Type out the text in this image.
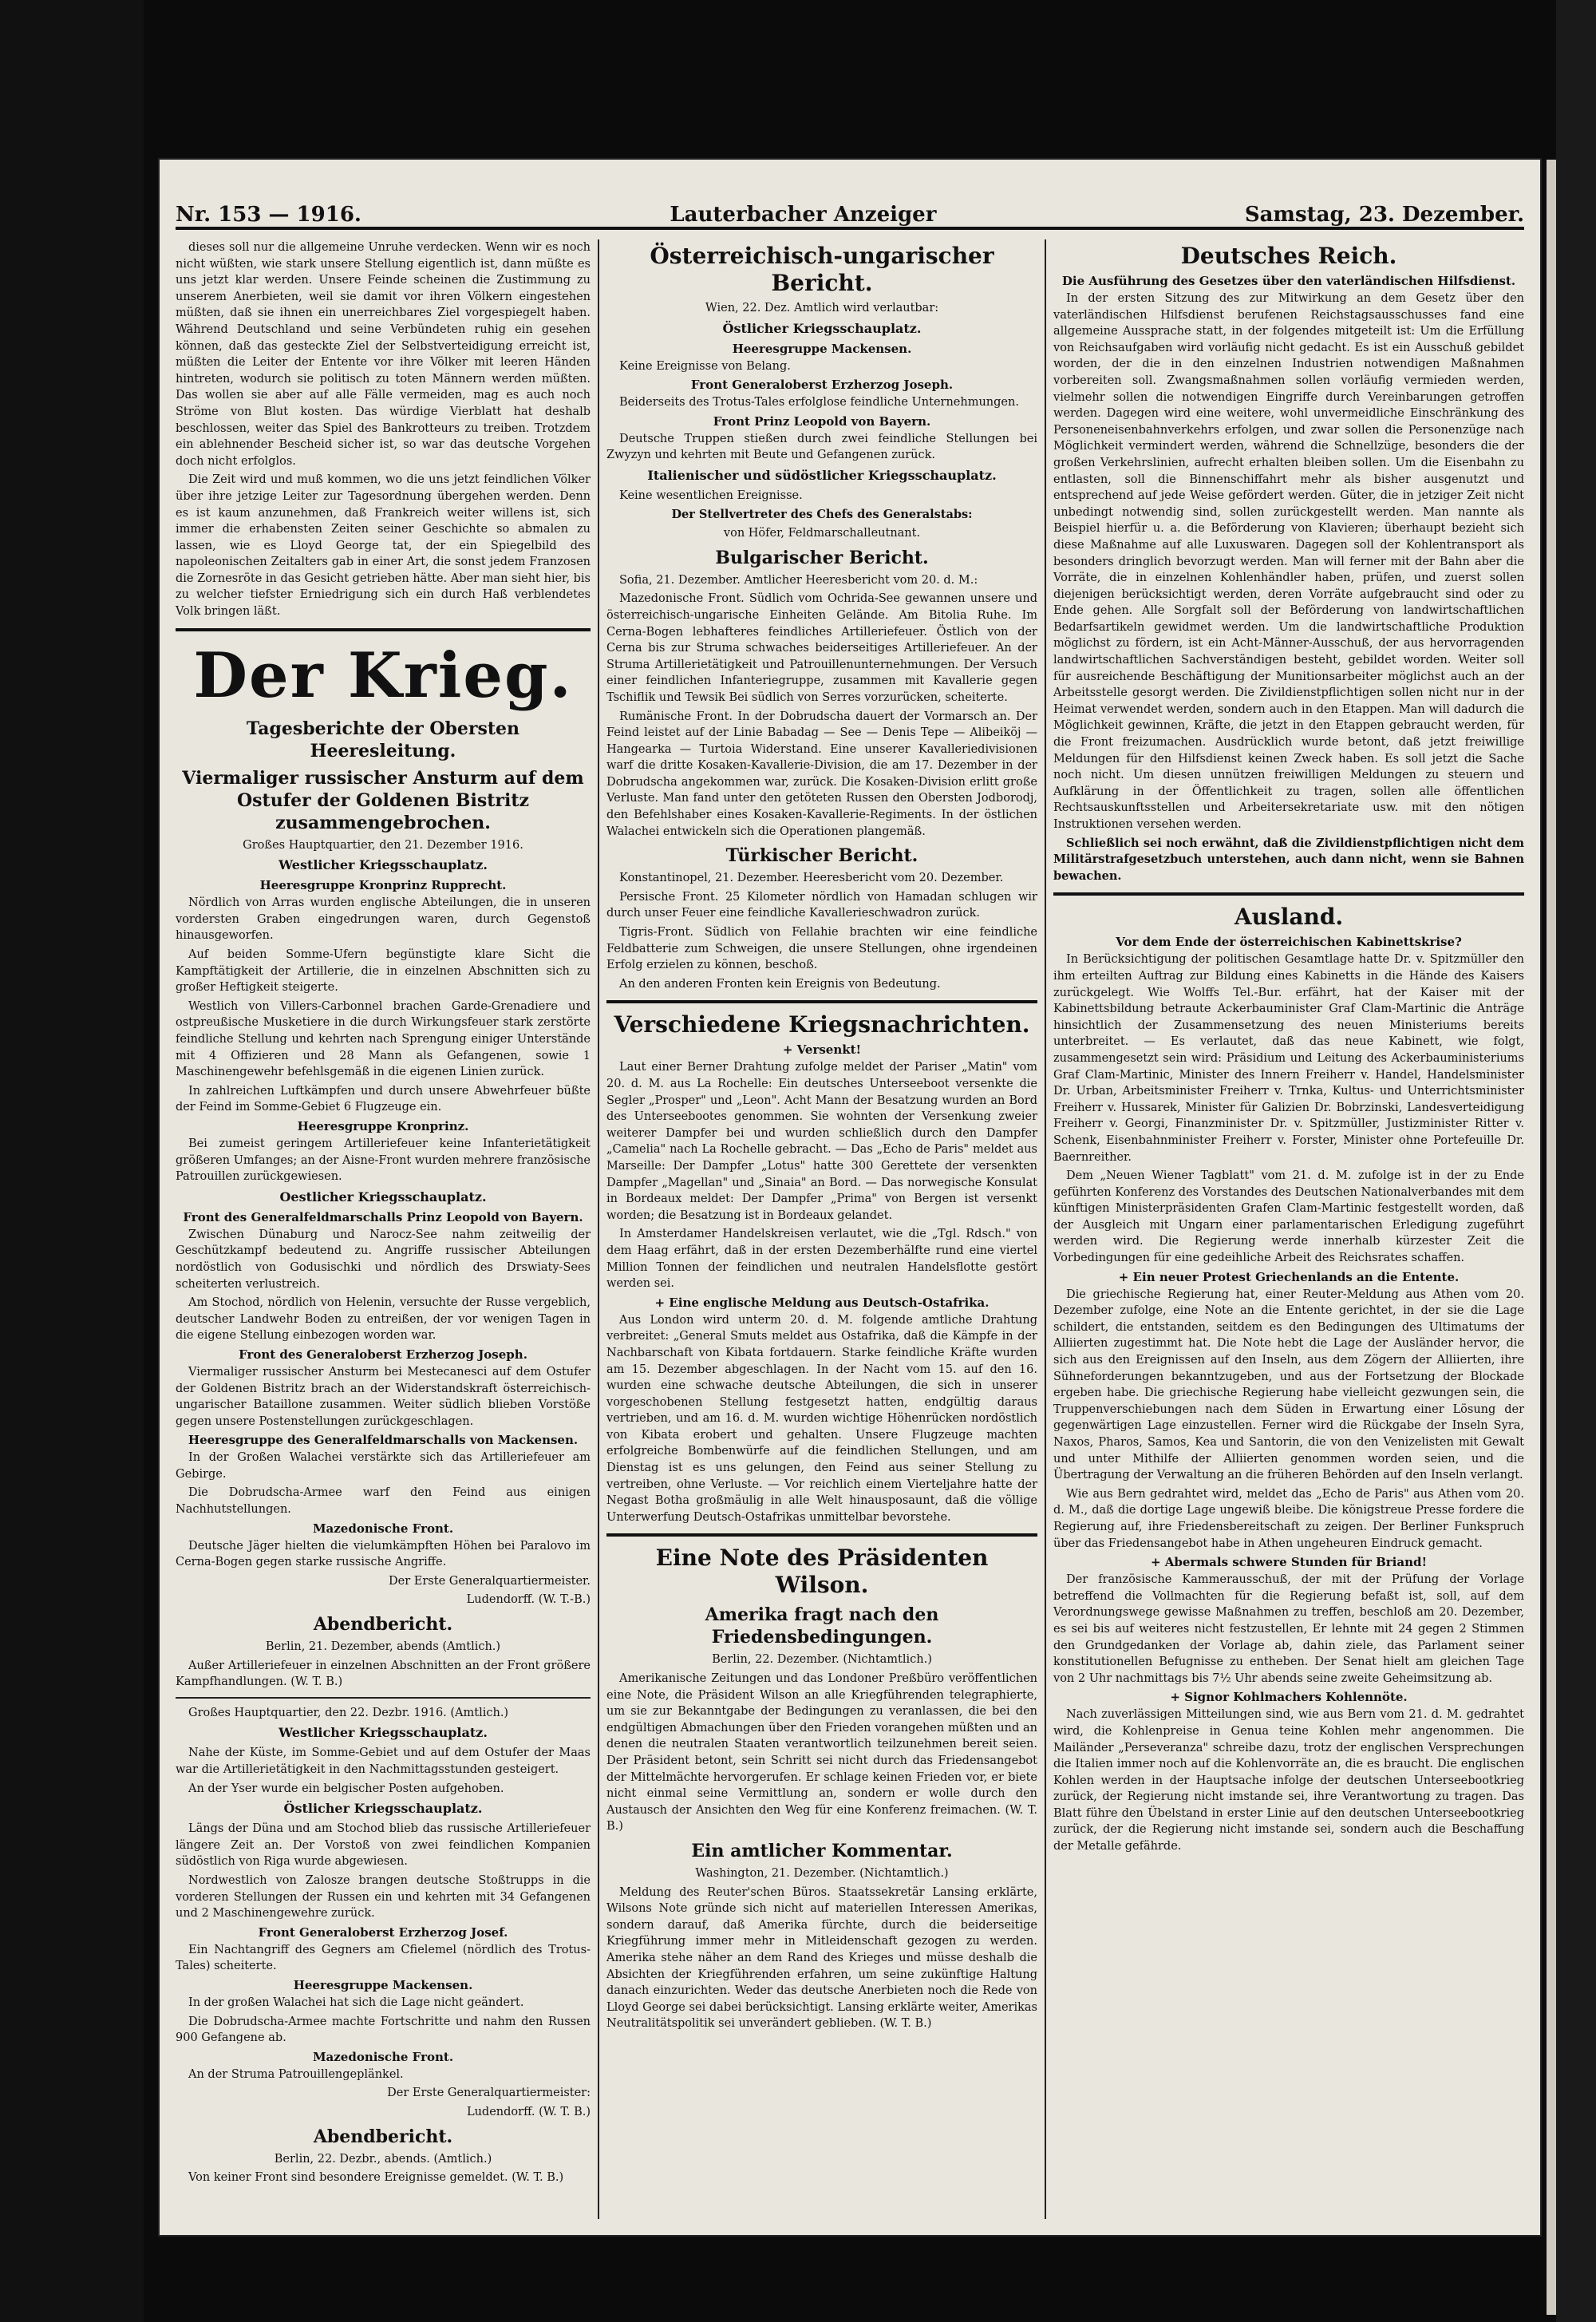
Nr. 153 — 1916.	Lauterbacher Anzeiger	Samstag, 23. Dezember.

dieses soll nur die allgemeine Unruhe verdecken. Wenn wir es noch nicht wüßten, wie stark unsere Stellung eigentlich ist, dann müßte es uns jetzt klar werden. Unsere Feinde scheinen die Zustimmung zu unserem Anerbieten, weil sie damit vor ihren Völkern eingestehen müßten, daß sie ihnen ein unerreichbares Ziel vorgespiegelt haben. Während Deutschland und seine Verbündeten ruhig ein gesehen können, daß das gesteckte Ziel der Selbstverteidigung erreicht ist, müßten die Leiter der Entente vor ihre Völker mit leeren Händen hintreten, wodurch sie politisch zu toten Männern werden müßten. Das wollen sie aber auf alle Fälle vermeiden, mag es auch noch Ströme von Blut kosten. Das würdige Vierblatt hat deshalb beschlossen, weiter das Spiel des Bankrotteurs zu treiben. Trotzdem ein ablehnender Bescheid sicher ist, so war das deutsche Vorgehen doch nicht erfolglos.

Die Zeit wird und muß kommen, wo die uns jetzt feindlichen Völker über ihre jetzige Leiter zur Tagesordnung übergehen werden. Denn es ist kaum anzunehmen, daß Frankreich weiter willens ist, sich immer die erhabensten Zeiten seiner Geschichte so abmalen zu lassen, wie es Lloyd George tat, der ein Spiegelbild des napoleonischen Zeitalters gab in einer Art, die sonst jedem Franzosen die Zornesröte in das Gesicht getrieben hätte. Aber man sieht hier, bis zu welcher tiefster Erniedrigung sich ein durch Haß verblendetes Volk bringen läßt.

Der Krieg.
Tagesberichte der Obersten Heeresleitung.
Viermaliger russischer Ansturm auf dem Ostufer der Goldenen Bistritz zusammengebrochen.

Großes Hauptquartier, den 21. Dezember 1916.

Westlicher Kriegsschauplatz.
Heeresgruppe Kronprinz Rupprecht.

Nördlich von Arras wurden englische Abteilungen, die in unseren vordersten Graben eingedrungen waren, durch Gegenstoß hinausgeworfen.

Auf beiden Somme-Ufern begünstigte klare Sicht die Kampftätigkeit der Artillerie, die in einzelnen Abschnitten sich zu großer Heftigkeit steigerte.

Westlich von Villers-Carbonnel brachen Garde-Grenadiere und ostpreußische Musketiere in die durch Wirkungsfeuer stark zerstörte feindliche Stellung und kehrten nach Sprengung einiger Unterstände mit 4 Offizieren und 28 Mann als Gefangenen, sowie 1 Maschinengewehr befehlsgemäß in die eigenen Linien zurück.

In zahlreichen Luftkämpfen und durch unsere Abwehrfeuer büßte der Feind im Somme-Gebiet 6 Flugzeuge ein.

Heeresgruppe Kronprinz.

Bei zumeist geringem Artilleriefeuer keine Infanterietätigkeit größeren Umfanges; an der Aisne-Front wurden mehrere französische Patrouillen zurückgewiesen.

Oestlicher Kriegsschauplatz.
Front des Generalfeldmarschalls Prinz Leopold von Bayern.

Zwischen Dünaburg und Narocz-See nahm zeitweilig der Geschützkampf bedeutend zu. Angriffe russischer Abteilungen nordöstlich von Godusischki und nördlich des Drswiaty-Sees scheiterten verlustreich.

Am Stochod, nördlich von Helenin, versuchte der Russe vergeblich, deutscher Landwehr Boden zu entreißen, der vor wenigen Tagen in die eigene Stellung einbezogen worden war.

Front des Generaloberst Erzherzog Joseph.

Viermaliger russischer Ansturm bei Mestecanesci auf dem Ostufer der Goldenen Bistritz brach an der Widerstandskraft österreichisch-ungarischer Bataillone zusammen. Weiter südlich blieben Vorstöße gegen unsere Postenstellungen zurückgeschlagen.

Heeresgruppe des Generalfeldmarschalls von Mackensen.

In der Großen Walachei verstärkte sich das Artilleriefeuer am Gebirge.

Die Dobrudscha-Armee warf den Feind aus einigen Nachhutstellungen.

Mazedonische Front.

Deutsche Jäger hielten die vielumkämpften Höhen bei Paralovo im Cerna-Bogen gegen starke russische Angriffe.

Der Erste Generalquartiermeister.

Ludendorff. (W. T.-B.)

Abendbericht.

Berlin, 21. Dezember, abends (Amtlich.)

Außer Artilleriefeuer in einzelnen Abschnitten an der Front größere Kampfhandlungen. (W. T. B.)

Großes Hauptquartier, den 22. Dezbr. 1916. (Amtlich.)

Westlicher Kriegsschauplatz.

Nahe der Küste, im Somme-Gebiet und auf dem Ostufer der Maas war die Artillerietätigkeit in den Nachmittagsstunden gesteigert.

An der Yser wurde ein belgischer Posten aufgehoben.

Östlicher Kriegsschauplatz.

Längs der Düna und am Stochod blieb das russische Artilleriefeuer längere Zeit an. Der Vorstoß von zwei feindlichen Kompanien südöstlich von Riga wurde abgewiesen.

Nordwestlich von Zalosze brangen deutsche Stoßtrupps in die vorderen Stellungen der Russen ein und kehrten mit 34 Gefangenen und 2 Maschinengewehre zurück.

Front Generaloberst Erzherzog Josef.

Ein Nachtangriff des Gegners am Cfielemel (nördlich des Trotus-Tales) scheiterte.

Heeresgruppe Mackensen.

In der großen Walachei hat sich die Lage nicht geändert.

Die Dobrudscha-Armee machte Fortschritte und nahm den Russen 900 Gefangene ab.

Mazedonische Front.

An der Struma Patrouillengeplänkel.

Der Erste Generalquartiermeister:

Ludendorff. (W. T. B.)

Abendbericht.

Berlin, 22. Dezbr., abends. (Amtlich.)

Von keiner Front sind besondere Ereignisse gemeldet. (W. T. B.)

Österreichisch-ungarischer Bericht.

Wien, 22. Dez. Amtlich wird verlautbar:

Östlicher Kriegsschauplatz.
Heeresgruppe Mackensen.

Keine Ereignisse von Belang.

Front Generaloberst Erzherzog Joseph.

Beiderseits des Trotus-Tales erfolglose feindliche Unternehmungen.

Front Prinz Leopold von Bayern.

Deutsche Truppen stießen durch zwei feindliche Stellungen bei Zwyzyn und kehrten mit Beute und Gefangenen zurück.

Italienischer und südöstlicher Kriegsschauplatz.

Keine wesentlichen Ereignisse.

Der Stellvertreter des Chefs des Generalstabs:

von Höfer, Feldmarschalleutnant.

Bulgarischer Bericht.

Sofia, 21. Dezember. Amtlicher Heeresbericht vom 20. d. M.:

Mazedonische Front. Südlich vom Ochrida-See gewannen unsere und österreichisch-ungarische Einheiten Gelände. Am Bitolia Ruhe. Im Cerna-Bogen lebhafteres feindliches Artilleriefeuer. Östlich von der Cerna bis zur Struma schwaches beiderseitiges Artilleriefeuer. An der Struma Artillerietätigkeit und Patrouillenunternehmungen. Der Versuch einer feindlichen Infanteriegruppe, zusammen mit Kavallerie gegen Tschiflik und Tewsik Bei südlich von Serres vorzurücken, scheiterte.

Rumänische Front. In der Dobrudscha dauert der Vormarsch an. Der Feind leistet auf der Linie Babadag — See — Denis Tepe — Alibeiköj — Hangearka — Turtoia Widerstand. Eine unserer Kavalleriedivisionen warf die dritte Kosaken-Kavallerie-Division, die am 17. Dezember in der Dobrudscha angekommen war, zurück. Die Kosaken-Division erlitt große Verluste. Man fand unter den getöteten Russen den Obersten Jodborodj, den Befehlshaber eines Kosaken-Kavallerie-Regiments. In der östlichen Walachei entwickeln sich die Operationen plangemäß.

Türkischer Bericht.

Konstantinopel, 21. Dezember. Heeresbericht vom 20. Dezember.

Persische Front. 25 Kilometer nördlich von Hamadan schlugen wir durch unser Feuer eine feindliche Kavallerieschwadron zurück.

Tigris-Front. Südlich von Fellahie brachten wir eine feindliche Feldbatterie zum Schweigen, die unsere Stellungen, ohne irgendeinen Erfolg erzielen zu können, beschoß.

An den anderen Fronten kein Ereignis von Bedeutung.

Verschiedene Kriegsnachrichten.
+ Versenkt!

Laut einer Berner Drahtung zufolge meldet der Pariser „Matin" vom 20. d. M. aus La Rochelle: Ein deutsches Unterseeboot versenkte die Segler „Prosper" und „Leon". Acht Mann der Besatzung wurden an Bord des Unterseebootes genommen. Sie wohnten der Versenkung zweier weiterer Dampfer bei und wurden schließlich durch den Dampfer „Camelia" nach La Rochelle gebracht. — Das „Echo de Paris" meldet aus Marseille: Der Dampfer „Lotus" hatte 300 Gerettete der versenkten Dampfer „Magellan" und „Sinaia" an Bord. — Das norwegische Konsulat in Bordeaux meldet: Der Dampfer „Prima" von Bergen ist versenkt worden; die Besatzung ist in Bordeaux gelandet.

In Amsterdamer Handelskreisen verlautet, wie die „Tgl. Rdsch." von dem Haag erfährt, daß in der ersten Dezemberhälfte rund eine viertel Million Tonnen der feindlichen und neutralen Handelsflotte gestört werden sei.

+ Eine englische Meldung aus Deutsch-Ostafrika.

Aus London wird unterm 20. d. M. folgende amtliche Drahtung verbreitet: „General Smuts meldet aus Ostafrika, daß die Kämpfe in der Nachbarschaft von Kibata fortdauern. Starke feindliche Kräfte wurden am 15. Dezember abgeschlagen. In der Nacht vom 15. auf den 16. wurden eine schwache deutsche Abteilungen, die sich in unserer vorgeschobenen Stellung festgesetzt hatten, endgültig daraus vertrieben, und am 16. d. M. wurden wichtige Höhenrücken nordöstlich von Kibata erobert und gehalten. Unsere Flugzeuge machten erfolgreiche Bombenwürfe auf die feindlichen Stellungen, und am Dienstag ist es uns gelungen, den Feind aus seiner Stellung zu vertreiben, ohne Verluste. — Vor reichlich einem Vierteljahre hatte der Negast Botha großmäulig in alle Welt hinausposaunt, daß die völlige Unterwerfung Deutsch-Ostafrikas unmittelbar bevorstehe.

Eine Note des Präsidenten Wilson.
Amerika fragt nach den Friedensbedingungen.

Berlin, 22. Dezember. (Nichtamtlich.)

Amerikanische Zeitungen und das Londoner Preßbüro veröffentlichen eine Note, die Präsident Wilson an alle Kriegführenden telegraphierte, um sie zur Bekanntgabe der Bedingungen zu veranlassen, die bei den endgültigen Abmachungen über den Frieden vorangehen müßten und an denen die neutralen Staaten verantwortlich teilzunehmen bereit seien. Der Präsident betont, sein Schritt sei nicht durch das Friedensangebot der Mittelmächte hervorgerufen. Er schlage keinen Frieden vor, er biete nicht einmal seine Vermittlung an, sondern er wolle durch den Austausch der Ansichten den Weg für eine Konferenz freimachen. (W. T. B.)

Ein amtlicher Kommentar.

Washington, 21. Dezember. (Nichtamtlich.)

Meldung des Reuter'schen Büros. Staatssekretär Lansing erklärte, Wilsons Note gründe sich nicht auf materiellen Interessen Amerikas, sondern darauf, daß Amerika fürchte, durch die beiderseitige Kriegführung immer mehr in Mitleidenschaft gezogen zu werden. Amerika stehe näher an dem Rand des Krieges und müsse deshalb die Absichten der Kriegführenden erfahren, um seine zukünftige Haltung danach einzurichten. Weder das deutsche Anerbieten noch die Rede von Lloyd George sei dabei berücksichtigt. Lansing erklärte weiter, Amerikas Neutralitätspolitik sei unverändert geblieben. (W. T. B.)

Deutsches Reich.
Die Ausführung des Gesetzes über den vaterländischen Hilfsdienst.

In der ersten Sitzung des zur Mitwirkung an dem Gesetz über den vaterländischen Hilfsdienst berufenen Reichstagsausschusses fand eine allgemeine Aussprache statt, in der folgendes mitgeteilt ist: Um die Erfüllung von Reichsaufgaben wird vorläufig nicht gedacht. Es ist ein Ausschuß gebildet worden, der die in den einzelnen Industrien notwendigen Maßnahmen vorbereiten soll. Zwangsmaßnahmen sollen vorläufig vermieden werden, vielmehr sollen die notwendigen Eingriffe durch Vereinbarungen getroffen werden. Dagegen wird eine weitere, wohl unvermeidliche Einschränkung des Personeneisenbahnverkehrs erfolgen, und zwar sollen die Personenzüge nach Möglichkeit vermindert werden, während die Schnellzüge, besonders die der großen Verkehrslinien, aufrecht erhalten bleiben sollen. Um die Eisenbahn zu entlasten, soll die Binnenschiffahrt mehr als bisher ausgenutzt und entsprechend auf jede Weise gefördert werden. Güter, die in jetziger Zeit nicht unbedingt notwendig sind, sollen zurückgestellt werden. Man nannte als Beispiel hierfür u. a. die Beförderung von Klavieren; überhaupt bezieht sich diese Maßnahme auf alle Luxuswaren. Dagegen soll der Kohlentransport als besonders dringlich bevorzugt werden. Man will ferner mit der Bahn aber die Vorräte, die in einzelnen Kohlenhändler haben, prüfen, und zuerst sollen diejenigen berücksichtigt werden, deren Vorräte aufgebraucht sind oder zu Ende gehen. Alle Sorgfalt soll der Beförderung von landwirtschaftlichen Bedarfsartikeln gewidmet werden. Um die landwirtschaftliche Produktion möglichst zu fördern, ist ein Acht-Männer-Ausschuß, der aus hervorragenden landwirtschaftlichen Sachverständigen besteht, gebildet worden. Weiter soll für ausreichende Beschäftigung der Munitionsarbeiter möglichst auch an der Arbeitsstelle gesorgt werden. Die Zivildienstpflichtigen sollen nicht nur in der Heimat verwendet werden, sondern auch in den Etappen. Man will dadurch die Möglichkeit gewinnen, Kräfte, die jetzt in den Etappen gebraucht werden, für die Front freizumachen. Ausdrücklich wurde betont, daß jetzt freiwillige Meldungen für den Hilfsdienst keinen Zweck haben. Es soll jetzt die Sache noch nicht. Um diesen unnützen freiwilligen Meldungen zu steuern und Aufklärung in der Öffentlichkeit zu tragen, sollen alle öffentlichen Rechtsauskunftsstellen und Arbeitersekretariate usw. mit den nötigen Instruktionen versehen werden.

Schließlich sei noch erwähnt, daß die Zivildienstpflichtigen nicht dem Militärstrafgesetzbuch unterstehen, auch dann nicht, wenn sie Bahnen bewachen.

Ausland.
Vor dem Ende der österreichischen Kabinettskrise?

In Berücksichtigung der politischen Gesamtlage hatte Dr. v. Spitzmüller den ihm erteilten Auftrag zur Bildung eines Kabinetts in die Hände des Kaisers zurückgelegt. Wie Wolffs Tel.-Bur. erfährt, hat der Kaiser mit der Kabinettsbildung betraute Ackerbauminister Graf Clam-Martinic die Anträge hinsichtlich der Zusammensetzung des neuen Ministeriums bereits unterbreitet. — Es verlautet, daß das neue Kabinett, wie folgt, zusammengesetzt sein wird: Präsidium und Leitung des Ackerbauministeriums Graf Clam-Martinic, Minister des Innern Freiherr v. Handel, Handelsminister Dr. Urban, Arbeitsminister Freiherr v. Trnka, Kultus- und Unterrichtsminister Freiherr v. Hussarek, Minister für Galizien Dr. Bobrzinski, Landesverteidigung Freiherr v. Georgi, Finanzminister Dr. v. Spitzmüller, Justizminister Ritter v. Schenk, Eisenbahnminister Freiherr v. Forster, Minister ohne Portefeuille Dr. Baernreither.

Dem „Neuen Wiener Tagblatt" vom 21. d. M. zufolge ist in der zu Ende geführten Konferenz des Vorstandes des Deutschen Nationalverbandes mit dem künftigen Ministerpräsidenten Grafen Clam-Martinic festgestellt worden, daß der Ausgleich mit Ungarn einer parlamentarischen Erledigung zugeführt werden wird. Die Regierung werde innerhalb kürzester Zeit die Vorbedingungen für eine gedeihliche Arbeit des Reichsrates schaffen.

+ Ein neuer Protest Griechenlands an die Entente.

Die griechische Regierung hat, einer Reuter-Meldung aus Athen vom 20. Dezember zufolge, eine Note an die Entente gerichtet, in der sie die Lage schildert, die entstanden, seitdem es den Bedingungen des Ultimatums der Alliierten zugestimmt hat. Die Note hebt die Lage der Ausländer hervor, die sich aus den Ereignissen auf den Inseln, aus dem Zögern der Alliierten, ihre Sühneforderungen bekanntzugeben, und aus der Fortsetzung der Blockade ergeben habe. Die griechische Regierung habe vielleicht gezwungen sein, die Truppenverschiebungen nach dem Süden in Erwartung einer Lösung der gegenwärtigen Lage einzustellen. Ferner wird die Rückgabe der Inseln Syra, Naxos, Pharos, Samos, Kea und Santorin, die von den Venizelisten mit Gewalt und unter Mithilfe der Alliierten genommen worden seien, und die Übertragung der Verwaltung an die früheren Behörden auf den Inseln verlangt.

Wie aus Bern gedrahtet wird, meldet das „Echo de Paris" aus Athen vom 20. d. M., daß die dortige Lage ungewiß bleibe. Die königstreue Presse fordere die Regierung auf, ihre Friedensbereitschaft zu zeigen. Der Berliner Funkspruch über das Friedensangebot habe in Athen ungeheuren Eindruck gemacht.

+ Abermals schwere Stunden für Briand!

Der französische Kammerausschuß, der mit der Prüfung der Vorlage betreffend die Vollmachten für die Regierung befaßt ist, soll, auf dem Verordnungswege gewisse Maßnahmen zu treffen, beschloß am 20. Dezember, es sei bis auf weiteres nicht festzustellen, Er lehnte mit 24 gegen 2 Stimmen den Grundgedanken der Vorlage ab, dahin ziele, das Parlament seiner konstitutionellen Befugnisse zu entheben. Der Senat hielt am gleichen Tage von 2 Uhr nachmittags bis 7½ Uhr abends seine zweite Geheimsitzung ab.

+ Signor Kohlmachers Kohlennöte.

Nach zuverlässigen Mitteilungen sind, wie aus Bern vom 21. d. M. gedrahtet wird, die Kohlenpreise in Genua teine Kohlen mehr angenommen. Die Mailänder „Perseveranza" schreibe dazu, trotz der englischen Versprechungen die Italien immer noch auf die Kohlenvorräte an, die es braucht. Die englischen Kohlen werden in der Hauptsache infolge der deutschen Unterseebootkrieg zurück, der Regierung nicht imstande sei, ihre Verantwortung zu tragen. Das Blatt führe den Übelstand in erster Linie auf den deutschen Unterseebootkrieg zurück, der die Regierung nicht imstande sei, sondern auch die Beschaffung der Metalle gefährde.
